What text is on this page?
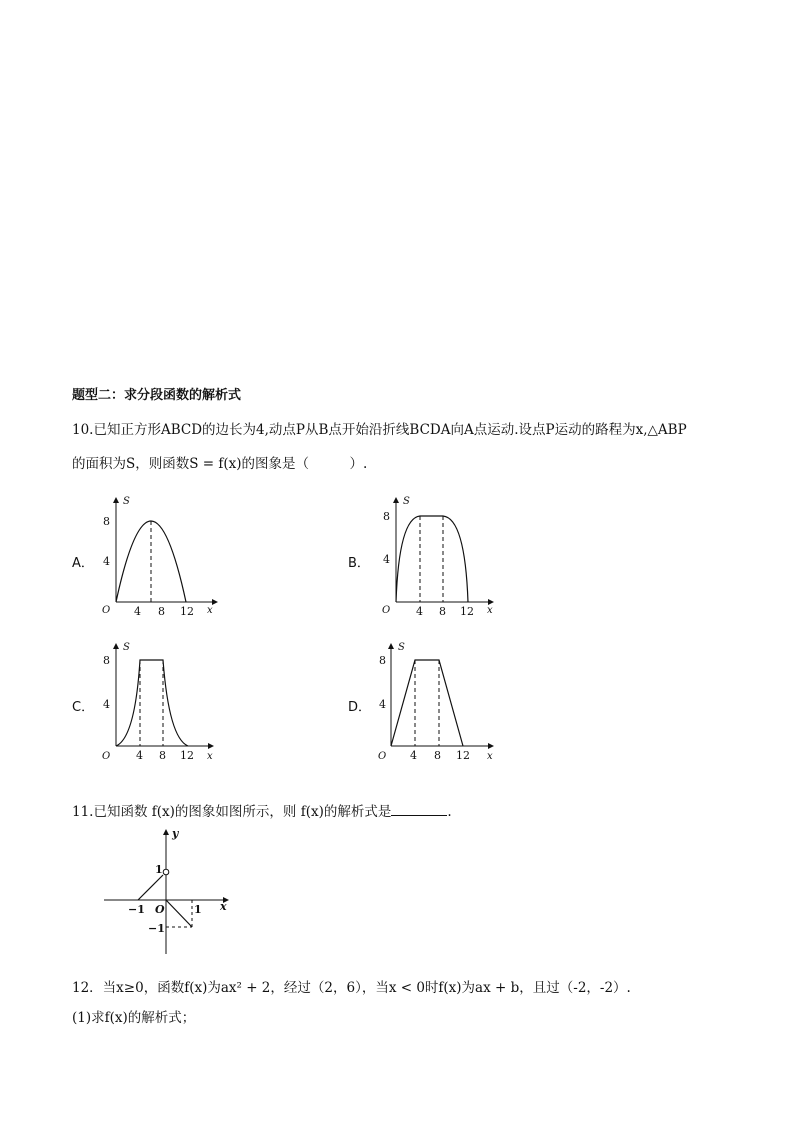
题型二：求分段函数的解析式
10.已知正方形ABCD的边长为4,动点P从B点开始沿折线BCDA向A点运动.设点P运动的路程为x,△ABP
的面积为S，则函数S = f(x)的图象是（　　　）.
A．
S
x
O
8
4
4 8 12
B．
S
x
O
8
4
4 8 12
C．
S
x
O
8
4
4 8 12
D．
S
x
O
8
4
4 8 12
11.已知函数 f(x)的图象如图所示，则 f(x)的解析式是	.
y
x
O
1
−1	1
−1
12．当x≥0，函数f(x)为ax² + 2，经过（2，6），当x < 0时f(x)为ax + b，且过（-2，-2）.
(1)求f(x)的解析式；
